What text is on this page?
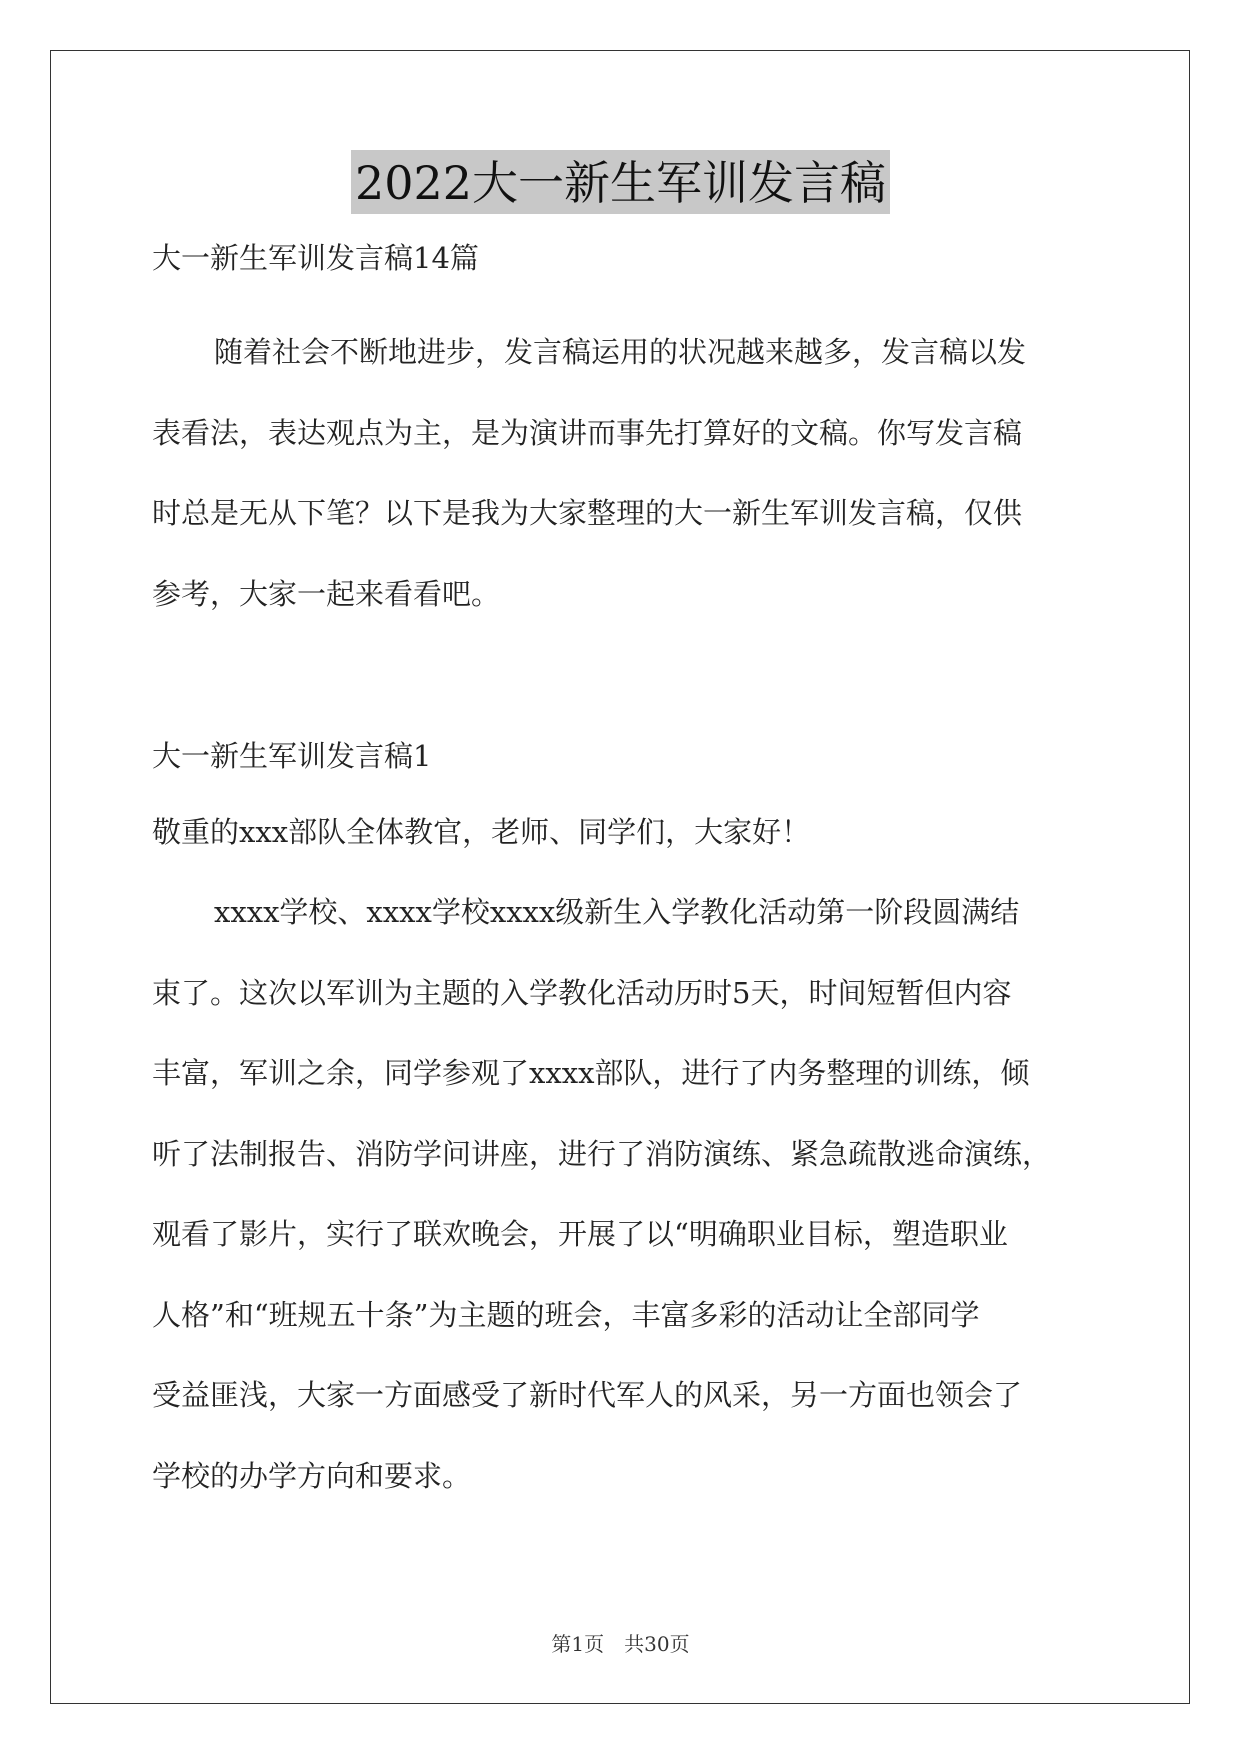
2022大一新生军训发言稿
大一新生军训发言稿14篇
随着社会不断地进步，发言稿运用的状况越来越多，发言稿以发
表看法，表达观点为主，是为演讲而事先打算好的文稿。你写发言稿
时总是无从下笔？以下是我为大家整理的大一新生军训发言稿，仅供
参考，大家一起来看看吧。
大一新生军训发言稿1
敬重的xxx部队全体教官，老师、同学们，大家好！
xxxx学校、xxxx学校xxxx级新生入学教化活动第一阶段圆满结
束了。这次以军训为主题的入学教化活动历时5天，时间短暂但内容
丰富，军训之余，同学参观了xxxx部队，进行了内务整理的训练，倾
听了法制报告、消防学问讲座，进行了消防演练、紧急疏散逃命演练，
观看了影片，实行了联欢晚会，开展了以“明确职业目标，塑造职业
人格”和“班规五十条”为主题的班会，丰富多彩的活动让全部同学
受益匪浅，大家一方面感受了新时代军人的风采，另一方面也领会了
学校的办学方向和要求。
第1页　共30页
